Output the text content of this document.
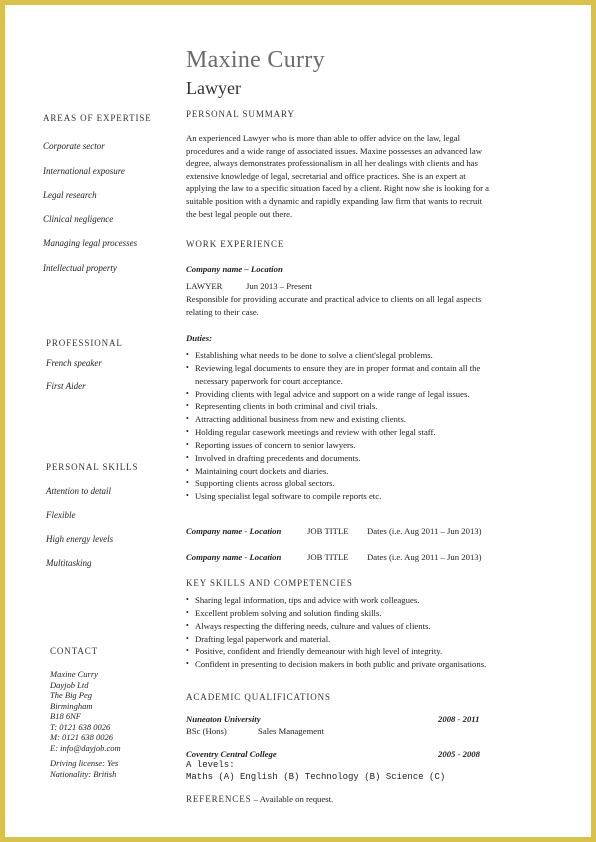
Maxine Curry
Lawyer
AREAS OF EXPERTISE
Corporate sector
International exposure
Legal research
Clinical negligence
Managing legal processes
Intellectual property
PROFESSIONAL
French speaker
First Aider
PERSONAL SKILLS
Attention to detail
Flexible
High energy levels
Multitasking
CONTACT
Maxine Curry
Dayjob Ltd
The Big Peg
Birmingham
B18 6NF
T: 0121 638 0026
M: 0121 638 0026
E: info@dayjob.com
Driving license: Yes
Nationality: British
PERSONAL SUMMARY
An experienced Lawyer who is more than able to offer advice on the law, legal
procedures and a wide range of associated issues. Maxine possesses an advanced law
degree, always demonstrates professionalism in all her dealings with clients and has
extensive knowledge of legal, secretarial and office practices. She is an expert at
applying the law to a specific situation faced by a client. Right now she is looking for a
suitable position with a dynamic and rapidly expanding law firm that wants to recruit
the best legal people out there.
WORK EXPERIENCE
Company name – Location
LAWYER	Jun 2013 – Present
Responsible for providing accurate and practical advice to clients on all legal aspects
relating to their case.
Duties:
• Establishing what needs to be done to solve a client'slegal problems.
• Reviewing legal documents to ensure they are in proper format and contain all the
necessary paperwork for court acceptance.
• Providing clients with legal advice and support on a wide range of legal issues.
• Representing clients in both criminal and civil trials.
• Attracting additional business from new and existing clients.
• Holding regular casework meetings and review with other legal staff.
• Reporting issues of concern to senior lawyers.
• Involved in drafting precedents and documents.
• Maintaining court dockets and diaries.
• Supporting clients across global sectors.
• Using specialist legal software to compile reports etc.
Company name - Location	JOB TITLE Dates (i.e. Aug 2011 – Jun 2013)
Company name - Location	JOB TITLE Dates (i.e. Aug 2011 – Jun 2013)
KEY SKILLS AND COMPETENCIES
• Sharing legal information, tips and advice with work colleagues.
• Excellent problem solving and solution finding skills.
• Always respecting the differing needs, culture and values of clients.
• Drafting legal paperwork and material.
• Positive, confident and friendly demeanour with high level of integrity.
• Confident in presenting to decision makers in both public and private organisations.
ACADEMIC QUALIFICATIONS
Nuneaton University	2008 - 2011
BSc (Hons)	Sales Management
Coventry Central College	2005 - 2008
A levels:
Maths (A) English (B) Technology (B) Science (C)
REFERENCES – Available on request.
